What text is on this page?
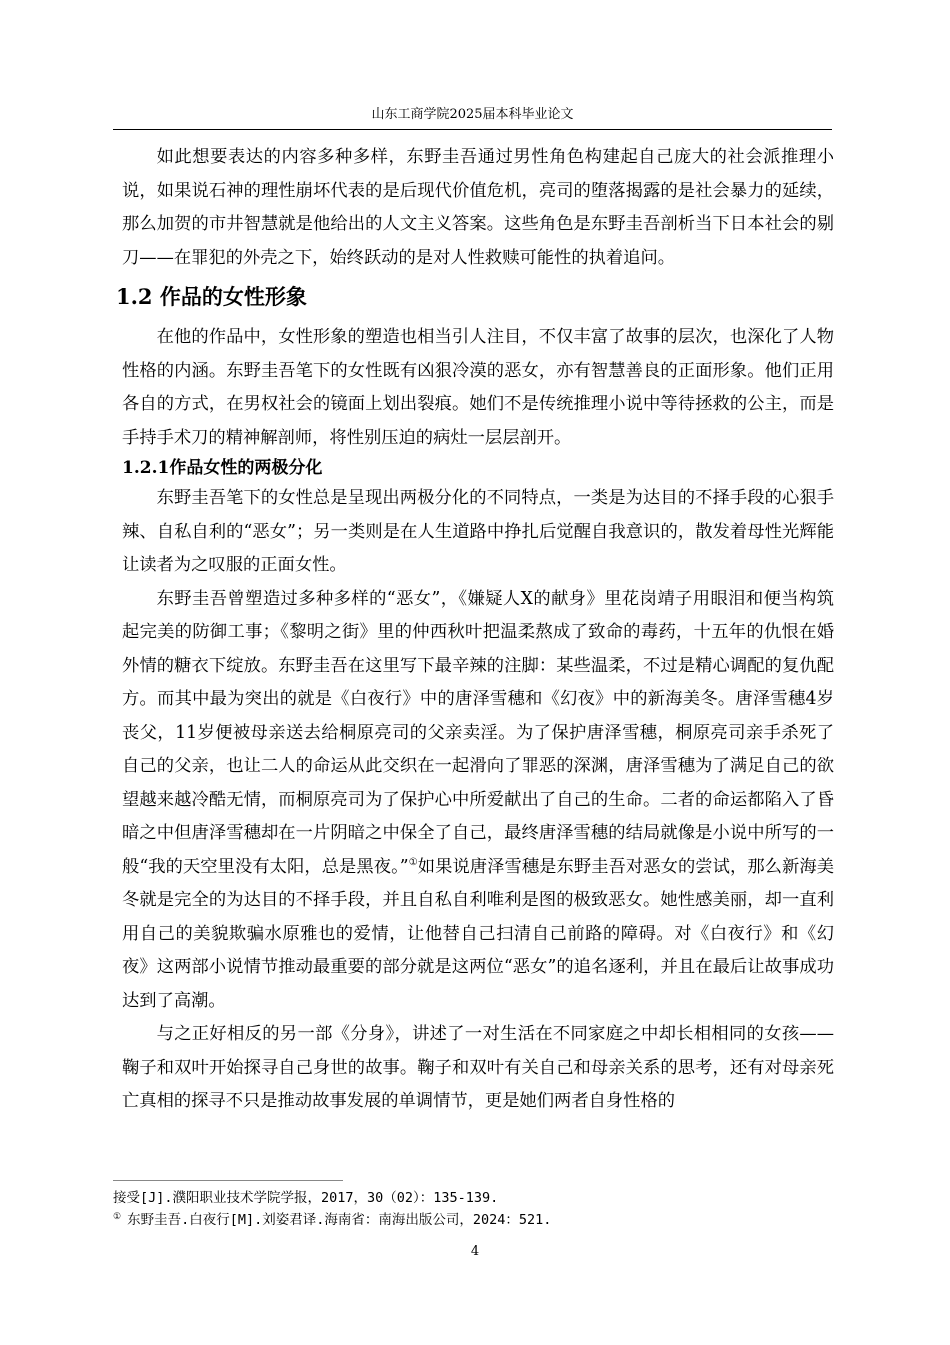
山东工商学院2025届本科毕业论文

如此想要表达的内容多种多样，东野圭吾通过男性角色构建起自己庞大的社会派推理小说，如果说石神的理性崩坏代表的是后现代价值危机，亮司的堕落揭露的是社会暴力的延续，那么加贺的市井智慧就是他给出的人文主义答案。这些角色是东野圭吾剖析当下日本社会的剔刀——在罪犯的外壳之下，始终跃动的是对人性救赎可能性的执着追问。

1.2 作品的女性形象

在他的作品中，女性形象的塑造也相当引人注目，不仅丰富了故事的层次，也深化了人物性格的内涵。东野圭吾笔下的女性既有凶狠冷漠的恶女，亦有智慧善良的正面形象。他们正用各自的方式，在男权社会的镜面上划出裂痕。她们不是传统推理小说中等待拯救的公主，而是手持手术刀的精神解剖师，将性别压迫的病灶一层层剖开。

1.2.1作品女性的两极分化

东野圭吾笔下的女性总是呈现出两极分化的不同特点，一类是为达目的不择手段的心狠手辣、自私自利的“恶女”；另一类则是在人生道路中挣扎后觉醒自我意识的，散发着母性光辉能让读者为之叹服的正面女性。

东野圭吾曾塑造过多种多样的“恶女”，《嫌疑人X的献身》里花岗靖子用眼泪和便当构筑起完美的防御工事；《黎明之街》里的仲西秋叶把温柔熬成了致命的毒药，十五年的仇恨在婚外情的糖衣下绽放。东野圭吾在这里写下最辛辣的注脚：某些温柔，不过是精心调配的复仇配方。而其中最为突出的就是《白夜行》中的唐泽雪穗和《幻夜》中的新海美冬。唐泽雪穗4岁丧父，11岁便被母亲送去给桐原亮司的父亲卖淫。为了保护唐泽雪穗，桐原亮司亲手杀死了自己的父亲，也让二人的命运从此交织在一起滑向了罪恶的深渊，唐泽雪穗为了满足自己的欲望越来越冷酷无情，而桐原亮司为了保护心中所爱献出了自己的生命。二者的命运都陷入了昏暗之中但唐泽雪穗却在一片阴暗之中保全了自己，最终唐泽雪穗的结局就像是小说中所写的一般“我的天空里没有太阳，总是黑夜。”①如果说唐泽雪穗是东野圭吾对恶女的尝试，那么新海美冬就是完全的为达目的不择手段，并且自私自利唯利是图的极致恶女。她性感美丽，却一直利用自己的美貌欺骗水原雅也的爱情，让他替自己扫清自己前路的障碍。对《白夜行》和《幻夜》这两部小说情节推动最重要的部分就是这两位“恶女”的追名逐利，并且在最后让故事成功达到了高潮。

与之正好相反的另一部《分身》，讲述了一对生活在不同家庭之中却长相相同的女孩——鞠子和双叶开始探寻自己身世的故事。鞠子和双叶有关自己和母亲关系的思考，还有对母亲死亡真相的探寻不只是推动故事发展的单调情节，更是她们两者自身性格的

接受[J].濮阳职业技术学院学报，2017，30（02）：135-139.
① 东野圭吾.白夜行[M].刘姿君译.海南省：南海出版公司，2024：521.
4
